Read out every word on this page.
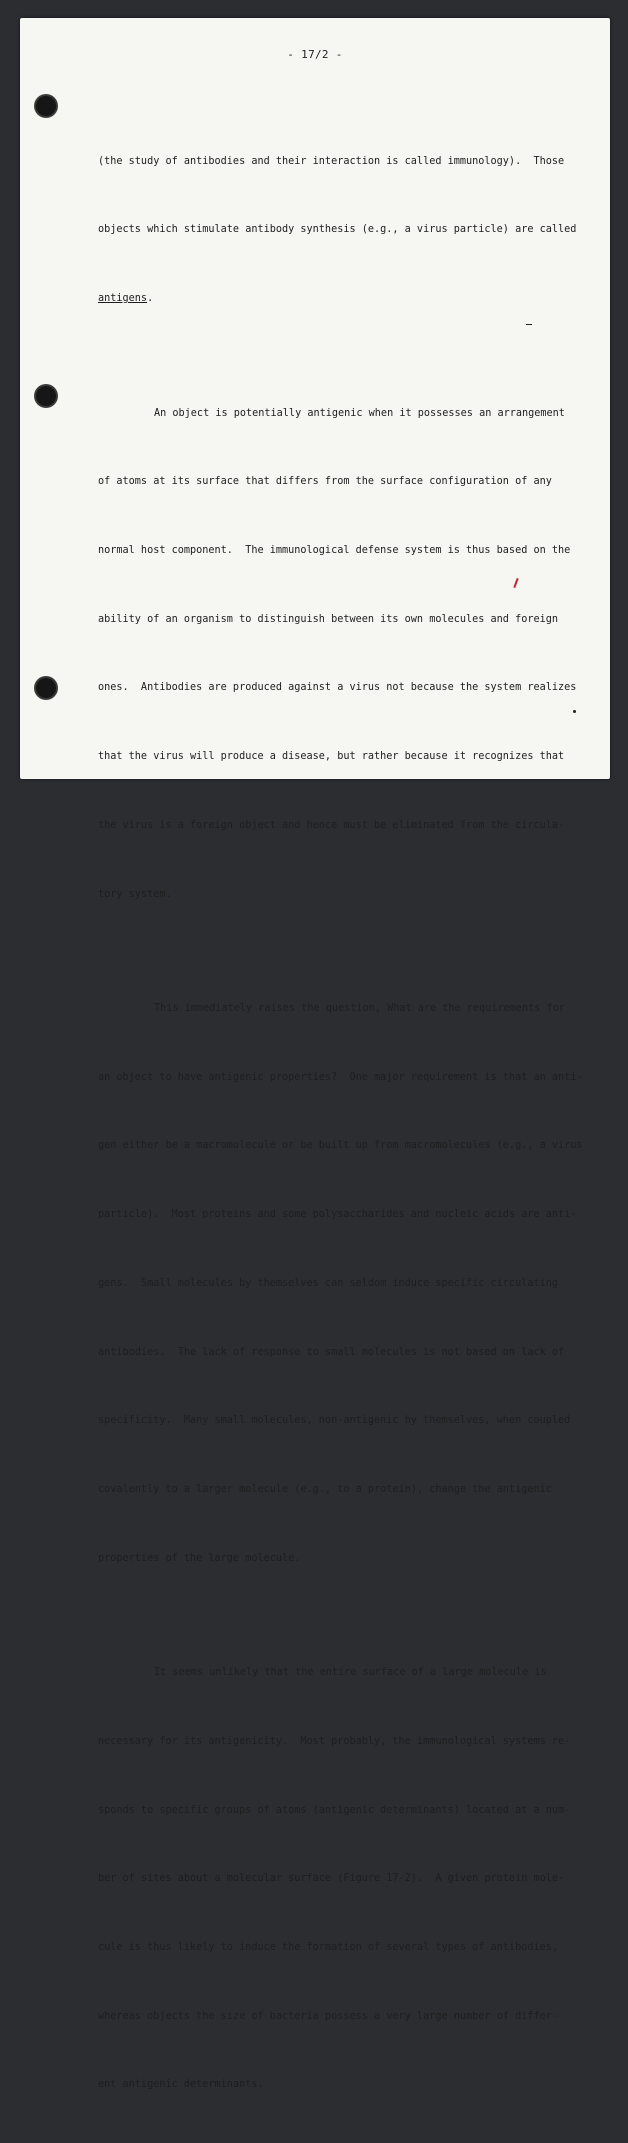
- 17/2 -

(the study of antibodies and their interaction is called immunology).  Those

objects which stimulate antibody synthesis (e.g., a virus particle) are called

antigens.

An object is potentially antigenic when it possesses an arrangement

of atoms at its surface that differs from the surface configuration of any

normal host component.  The immunological defense system is thus based on the

ability of an organism to distinguish between its own molecules and foreign

ones.  Antibodies are produced against a virus not because the system realizes

that the virus will produce a disease, but rather because it recognizes that

the virus is a foreign object and hence must be eliminated from the circula-

tory system.

This immediately raises the question, What are the requirements for

an object to have antigenic properties?  One major requirement is that an anti-

gen either be a macromolecule or be built up from macromolecules (e.g., a virus

particle).  Most proteins and some polysaccharides and nucleic acids are anti-

gens.  Small molecules by themselves can seldom induce specific circulating

antibodies.  The lack of response to small molecules is not based on lack of

specificity.  Many small molecules, non-antigenic by themselves, when coupled

covalently to a larger molecule (e.g., to a protein), change the antigenic

properties of the large molecule.

It seems unlikely that the entire surface of a large molecule is

necessary for its antigenicity.  Most probably, the immunological systems re-

sponds to specific groups of atoms (antigenic determinants) located at a num-

ber of sites about a molecular surface (Figure 17-2).  A given protein mole-

cule is thus likely to induce the formation of several types of antibodies,

whereas objects the size of bacteria possess a very large number of differ-

ent antigenic determinants.
